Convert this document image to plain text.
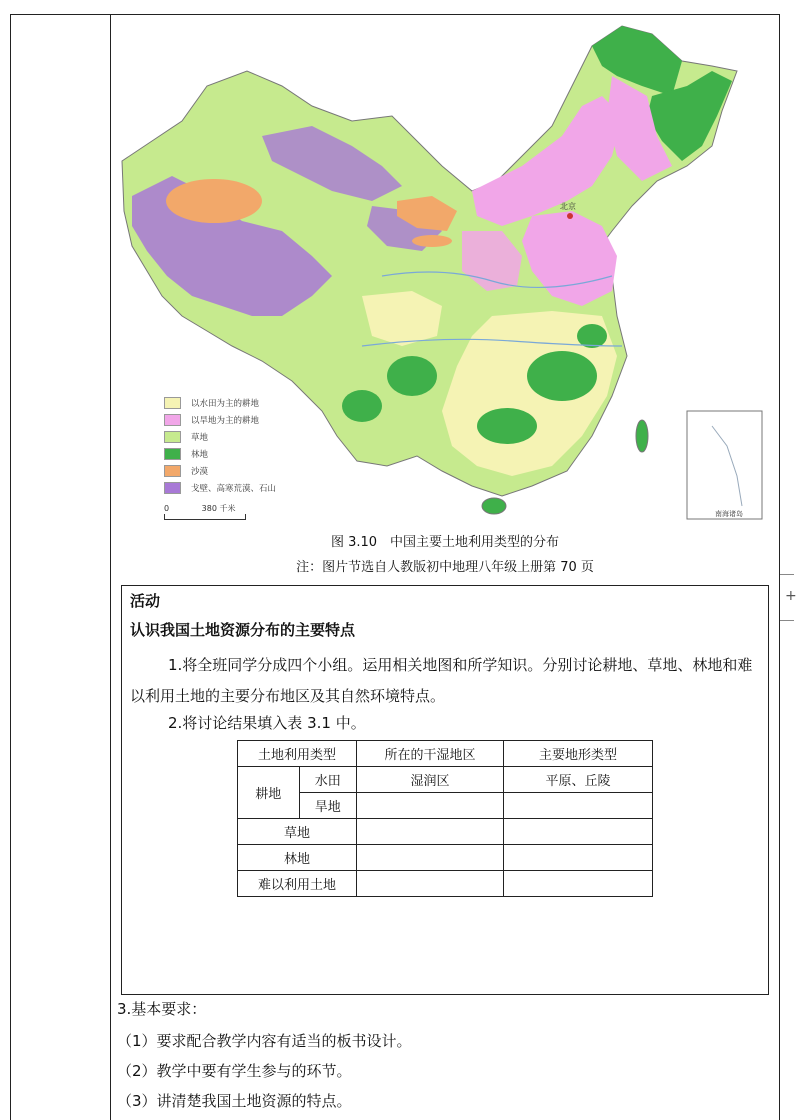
北京
南海诸岛
以水田为主的耕地
以旱地为主的耕地
草地
林地
沙漠
戈壁、高寒荒漠、石山
0	380 千米
图 3.10　中国主要土地利用类型的分布
注：图片节选自人教版初中地理八年级上册第 70 页
活动
认识我国土地资源分布的主要特点
1.将全班同学分成四个小组。运用相关地图和所学知识。分别讨论耕地、草地、林地和难以利用土地的主要分布地区及其自然环境特点。
2.将讨论结果填入表 3.1 中。
土地利用类型		所在的干湿地区	主要地形类型
耕地	水田	湿润区	平原、丘陵
	旱地		
草地			
林地			
难以利用土地			
3.基本要求：
（1）要求配合教学内容有适当的板书设计。
（2）教学中要有学生参与的环节。
（3）讲清楚我国土地资源的特点。
+
